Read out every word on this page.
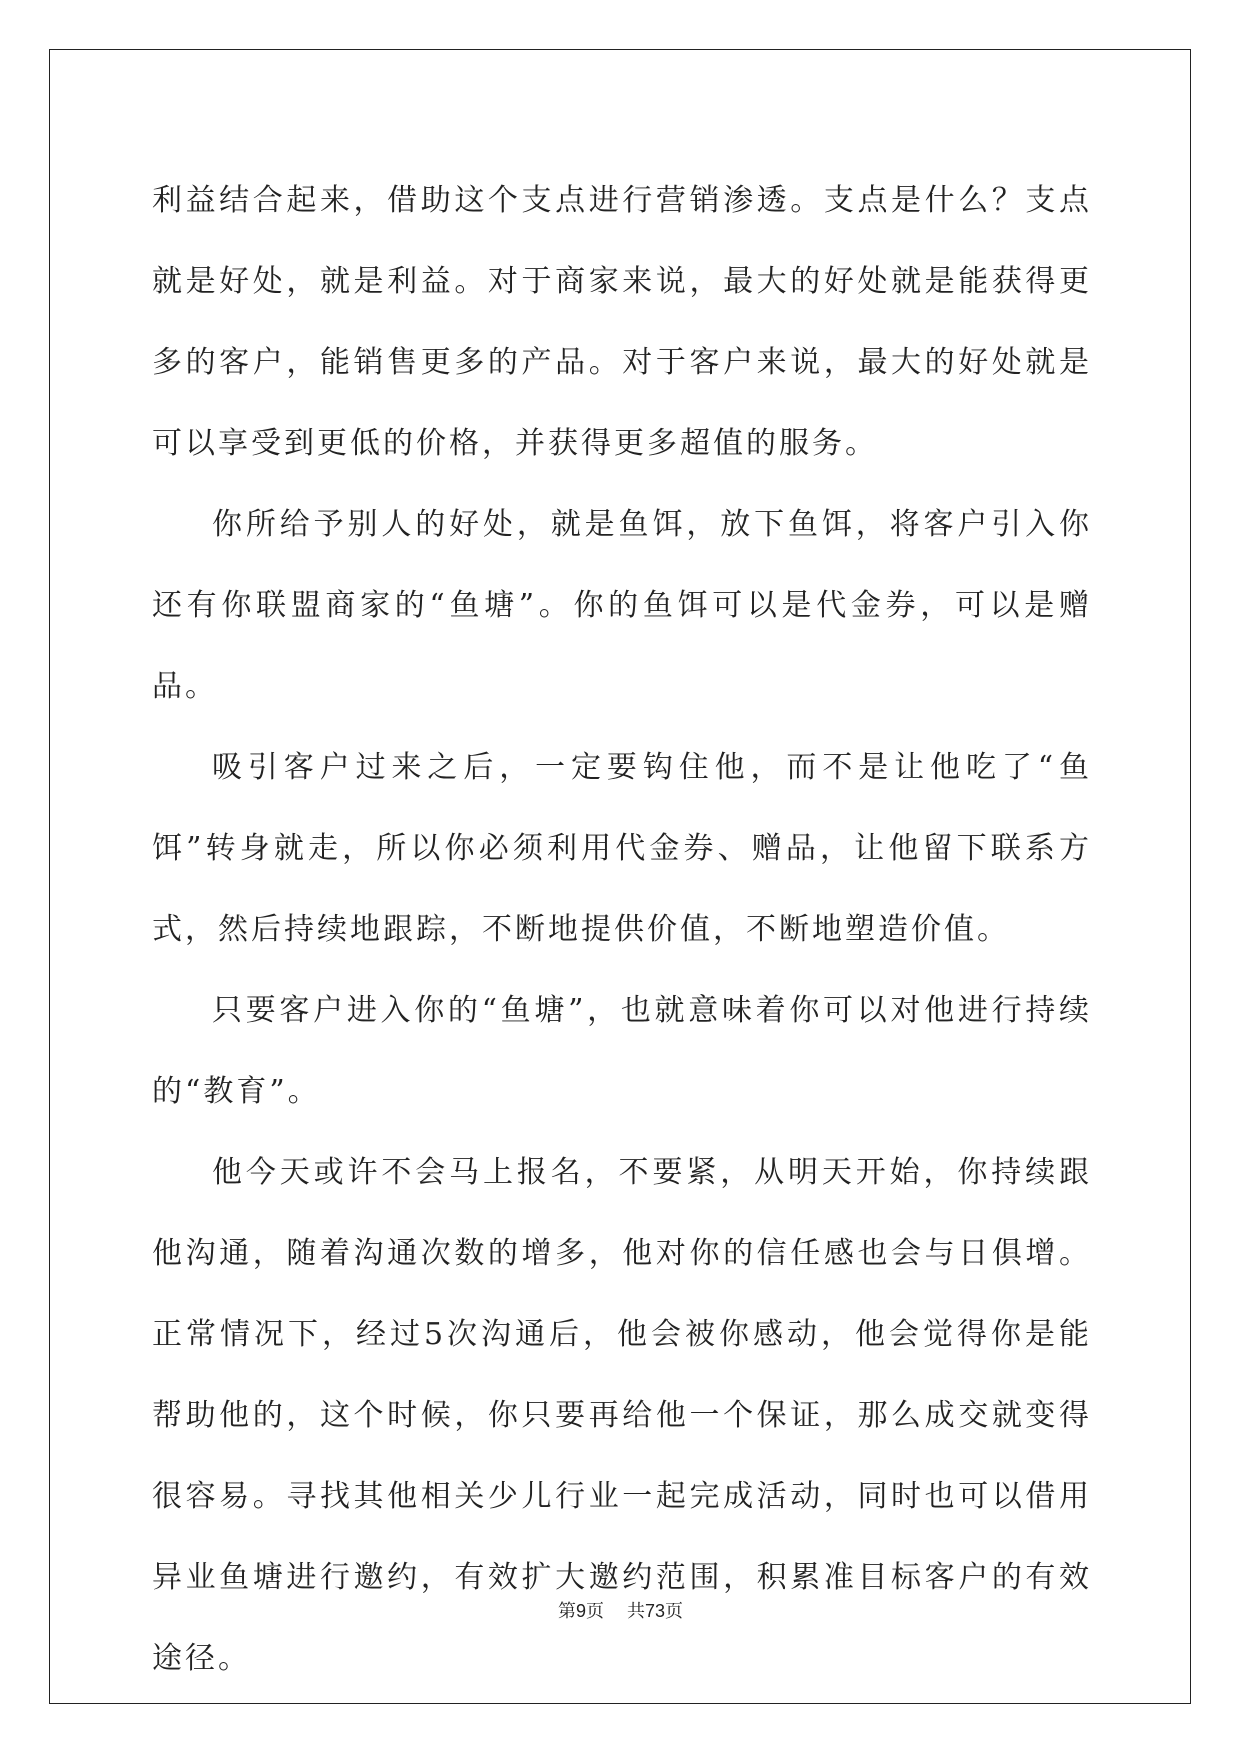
利益结合起来，借助这个支点进行营销渗透。支点是什么？支点就是好处，就是利益。对于商家来说，最大的好处就是能获得更多的客户，能销售更多的产品。对于客户来说，最大的好处就是可以享受到更低的价格，并获得更多超值的服务。

你所给予别人的好处，就是鱼饵，放下鱼饵，将客户引入你还有你联盟商家的“鱼塘”。你的鱼饵可以是代金券，可以是赠品。

吸引客户过来之后，一定要钩住他，而不是让他吃了“鱼饵”转身就走，所以你必须利用代金券、赠品，让他留下联系方式，然后持续地跟踪，不断地提供价值，不断地塑造价值。

只要客户进入你的“鱼塘”，也就意味着你可以对他进行持续的“教育”。

他今天或许不会马上报名，不要紧，从明天开始，你持续跟他沟通，随着沟通次数的增多，他对你的信任感也会与日俱增。正常情况下，经过5次沟通后，他会被你感动，他会觉得你是能帮助他的，这个时候，你只要再给他一个保证，那么成交就变得很容易。寻找其他相关少儿行业一起完成活动，同时也可以借用异业鱼塘进行邀约，有效扩大邀约范围，积累准目标客户的有效途径。

第9页 共73页
